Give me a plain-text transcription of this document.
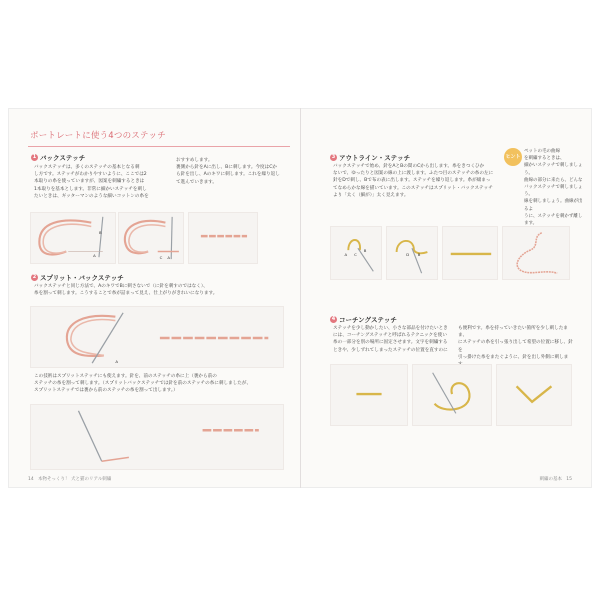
ポートレートに使う4つのステッチ
1 バックステッチ
バックステッチは、多くのステッチの基本となる刺
し方です。ステッチがわかりやすいように、ここでは2
本取りの糸を使っていますが、図案を刺繍するときは
1本取りを基本とします。非常に細かいステッチを刺し
たいときは、ギッターマンのような細いコットンの糸を
おすすめします。
裏側から針をAに出し、Bに刺します。今度はCか
ら針を出し、Aのキワに刺します。これを繰り返し
て進んでいきます。
A
B
C A
2 スプリット・バックステッチ
バックステッチと同じ方法で、AのキワでBに刺さないで（に針を刺すのではなく）、
糸を割って刺します。こうすることで糸が詰まって見え、仕上がりがきれいになります。
A
この技術はスプリットステッチにも使えます。針を、前のステッチの糸に上（裏から前の
ステッチの糸を割って刺します。（スプリットバックステッチでは針を前のステッチの糸に刺しましたが、
スプリットステッチでは裏から前のステッチの糸を割って出します。）
3 アウトライン・ステッチ
バックステッチで始め、針をAとBの間のCから出します。糸をきつくひか
ないで、ゆったりと図案の線の上に渡します。ふたつ目のステッチの糸の左に
針をDで刺し、Bで布の表に出します。ステッチを繰り返します。糸が綴まっ
てなめらかな線を描いています。このステッチはスプリット・バックステッチ
より「太く（細が）」太く見えます。
ヒント
ペットの毛の曲線
を刺繍するときは、
細かいステッチで刺しましょう。
曲線の部分に来たら、どんな
バックステッチで刺しましょう。
線を刺しましょう。曲線が出るよ
うに、ステッチを刺かず離します。
A
B
C	D B
4 コーチングステッチ
ステッチを少し動かしたい、小さな部品を付けたいとき
には、コーチングステッチと呼ばれるテクニックを使い
糸の一部分を別の場所に固定させます。文字を刺繍する
ときや、少しずれてしまったステッチの位置を直すのに
も便利です。糸を持っていきたい箇所を少し刺したまま、
にステッチの糸を引っ張り出して希望の位置に移し、針を
引っ掛けた糸をまたぐように、針を出し外側に刺しま
14 本物そっくり！ 犬と猫のリアル刺繍	刺繍の基本 15
